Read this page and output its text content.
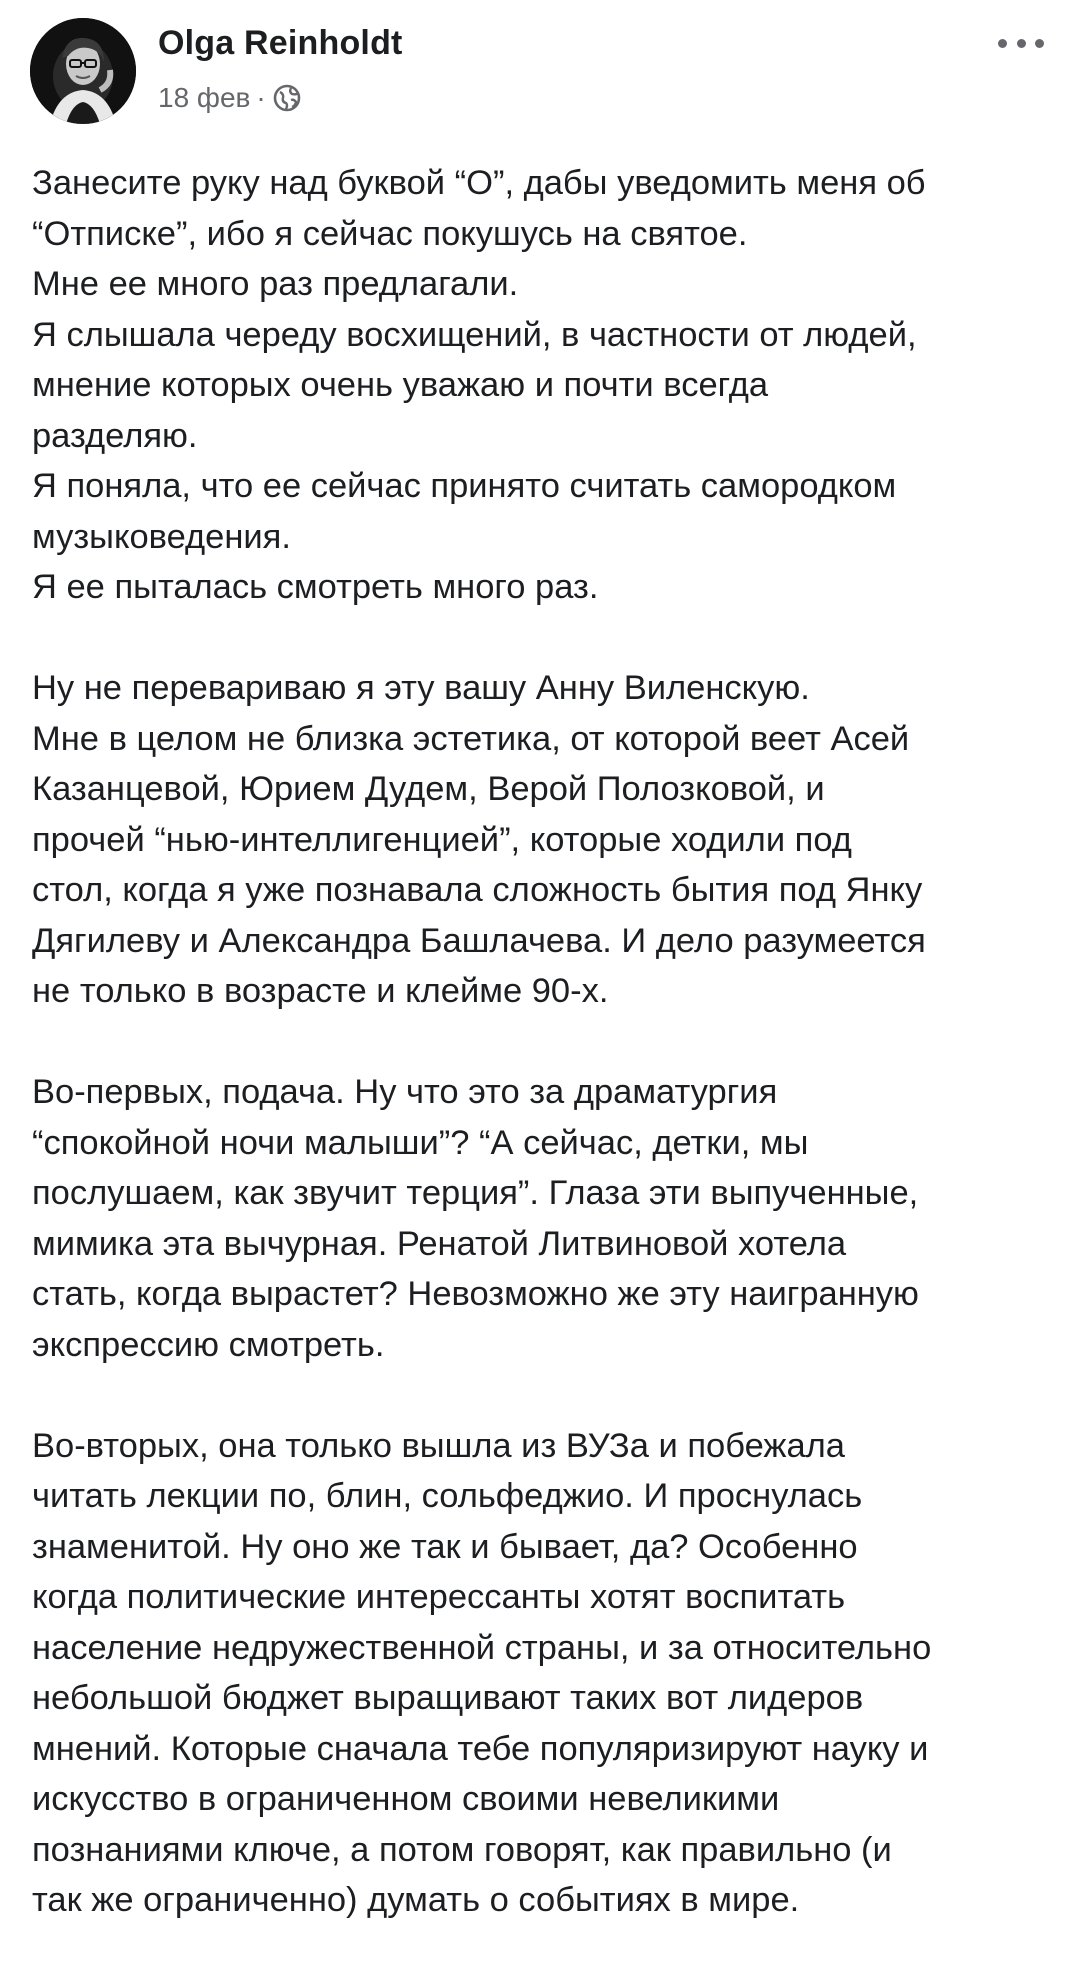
Olga Reinholdt
18 фев ·

Занесите руку над буквой “О”, дабы уведомить меня об
“Отписке”, ибо я сейчас покушусь на святое.
Мне ее много раз предлагали.
Я слышала череду восхищений, в частности от людей,
мнение которых очень уважаю и почти всегда
разделяю.
Я поняла, что ее сейчас принято считать самородком
музыковедения.
Я ее пыталась смотреть много раз.

Ну не перевариваю я эту вашу Анну Виленскую.
Мне в целом не близка эстетика, от которой веет Асей
Казанцевой, Юрием Дудем, Верой Полозковой, и
прочей “нью-интеллигенцией”, которые ходили под
стол, когда я уже познавала сложность бытия под Янку
Дягилеву и Александра Башлачева. И дело разумеется
не только в возрасте и клейме 90-х.

Во-первых, подача. Ну что это за драматургия
“спокойной ночи малыши”? “А сейчас, детки, мы
послушаем, как звучит терция”. Глаза эти выпученные,
мимика эта вычурная. Ренатой Литвиновой хотела
стать, когда вырастет? Невозможно же эту наигранную
экспрессию смотреть.

Во-вторых, она только вышла из ВУЗа и побежала
читать лекции по, блин, сольфеджио. И проснулась
знаменитой. Ну оно же так и бывает, да? Особенно
когда политические интерессанты хотят воспитать
население недружественной страны, и за относительно
небольшой бюджет выращивают таких вот лидеров
мнений. Которые сначала тебе популяризируют науку и
искусство в ограниченном своими невеликими
познаниями ключе, а потом говорят, как правильно (и
так же ограниченно) думать о событиях в мире.
